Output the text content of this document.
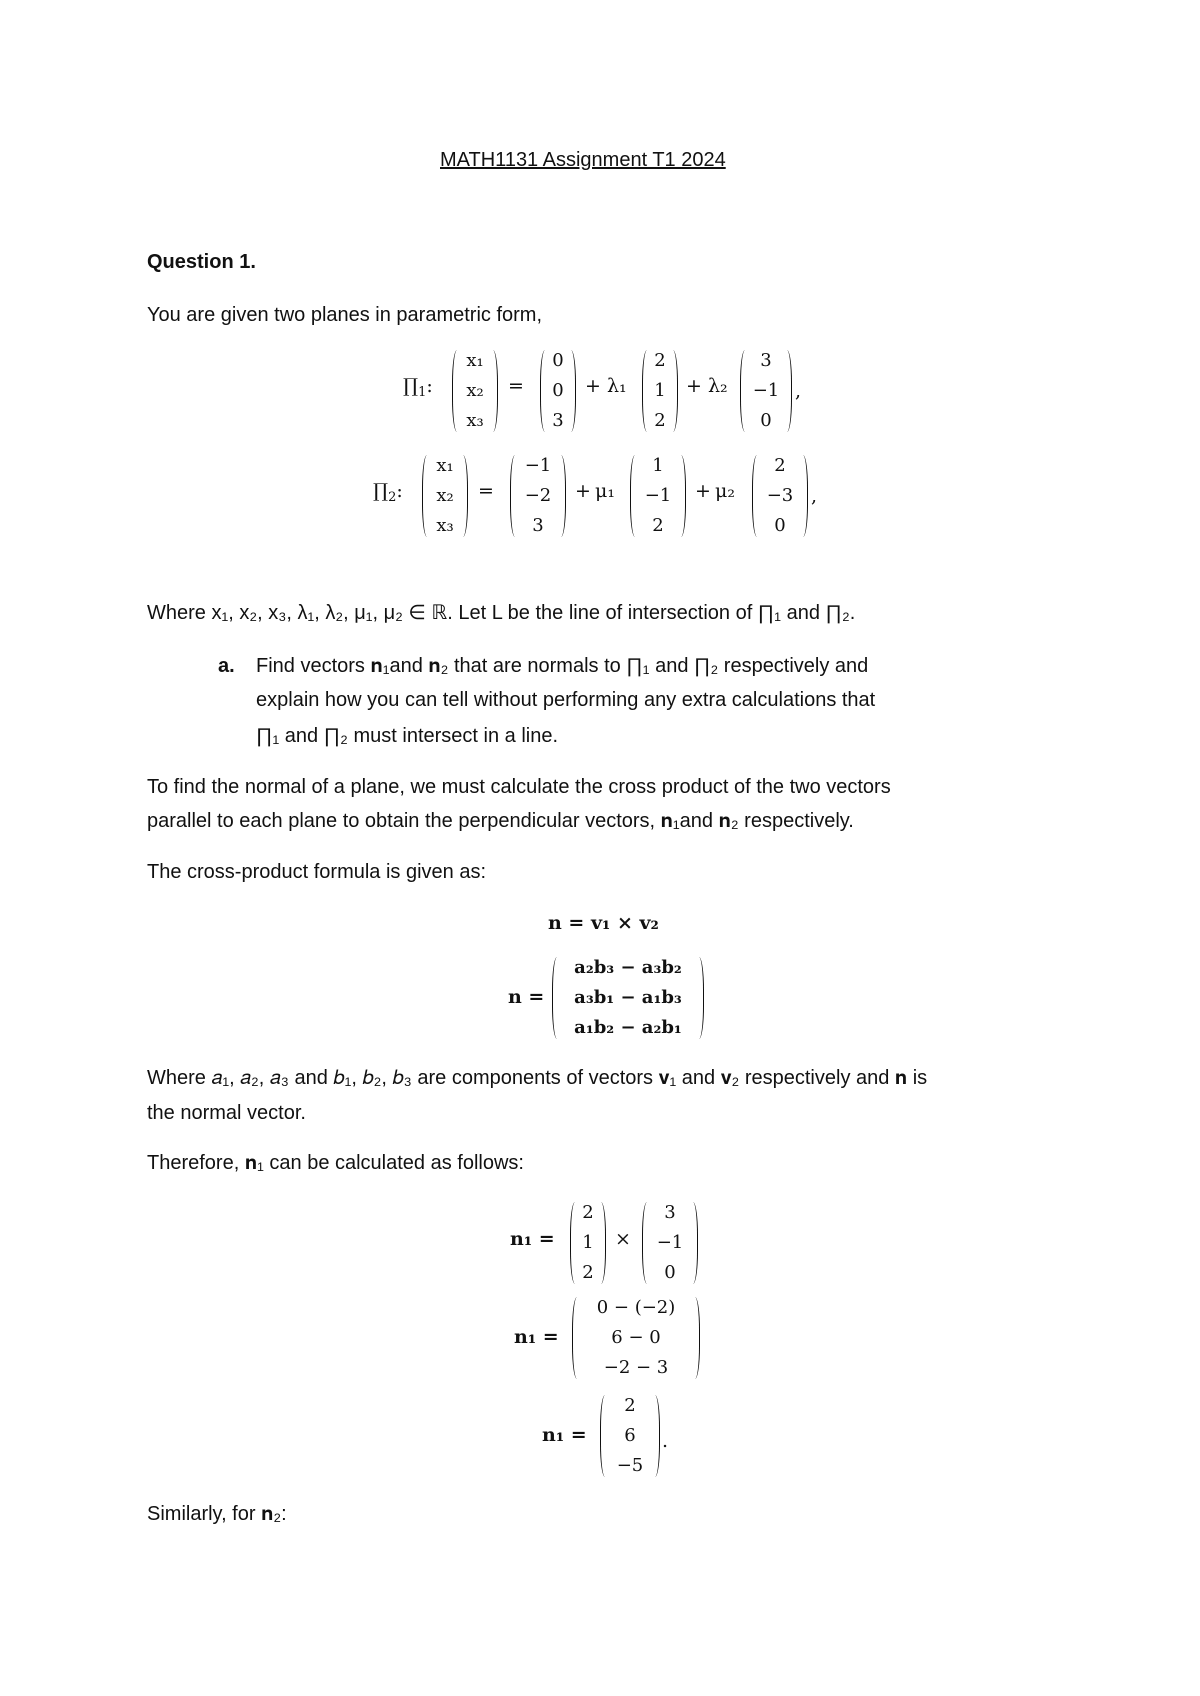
MATH1131 Assignment T1 2024
Question 1.
You are given two planes in parametric form,
$\prod_1$:
x₁
x₂
x₃
=
0
0
3
+ λ₁
2
1
2
+ λ₂
3
−1
0
,
$\prod_2$:
x₁
x₂
x₃
=
−1
−2
3
+ μ₁
1
−1
2
+ μ₂
2
−3
0
,
Where x₁, x₂, x₃, λ₁, λ₂, μ₁, μ₂ ∈ ℝ. Let L be the line of intersection of ∏₁ and ∏₂.
a. Find vectors 𝐧₁and 𝐧₂ that are normals to ∏₁ and ∏₂ respectively and
explain how you can tell without performing any extra calculations that
∏₁ and ∏₂ must intersect in a line.
To find the normal of a plane, we must calculate the cross product of the two vectors
parallel to each plane to obtain the perpendicular vectors, 𝐧₁and 𝐧₂ respectively.
The cross-product formula is given as:
𝐧 = 𝐯₁ × 𝐯₂
𝐧 =
𝐚₂𝐛₃ − 𝐚₃𝐛₂
𝐚₃𝐛₁ − 𝐚₁𝐛₃
𝐚₁𝐛₂ − 𝐚₂𝐛₁
Where 𝑎₁, 𝑎₂, 𝑎₃ and 𝑏₁, 𝑏₂, 𝑏₃ are components of vectors 𝐯₁ and 𝐯₂ respectively and 𝐧 is
the normal vector.
Therefore, 𝐧₁ can be calculated as follows:
𝐧₁ =
2
1
2
×
3
−1
0
𝐧₁ =
0 − (−2)
6 − 0
−2 − 3
𝐧₁ =
2
6
−5
.
Similarly, for 𝐧₂:
